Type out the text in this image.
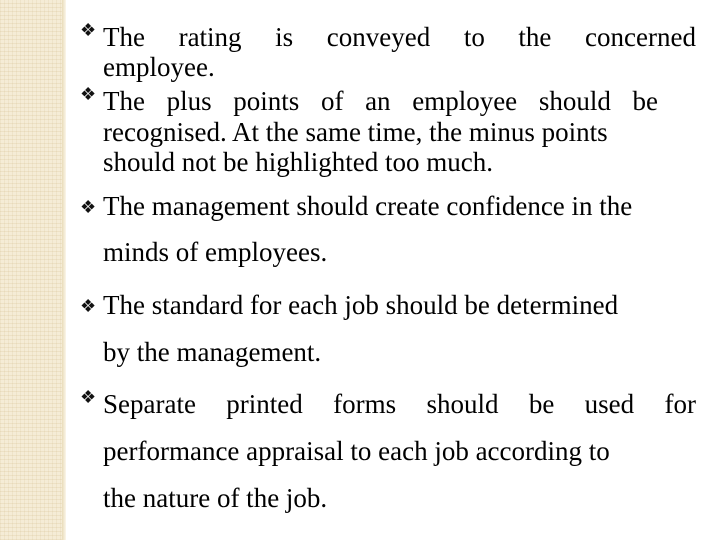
❖ The rating is conveyed to the concerned
employee.
❖ The plus points of an employee should be
recognised. At the same time, the minus points
should not be highlighted too much.
❖ The management should create confidence in the
minds of employees.
❖ The standard for each job should be determined
by the management.
❖ Separate printed forms should be used for
performance appraisal to each job according to
the nature of the job.
